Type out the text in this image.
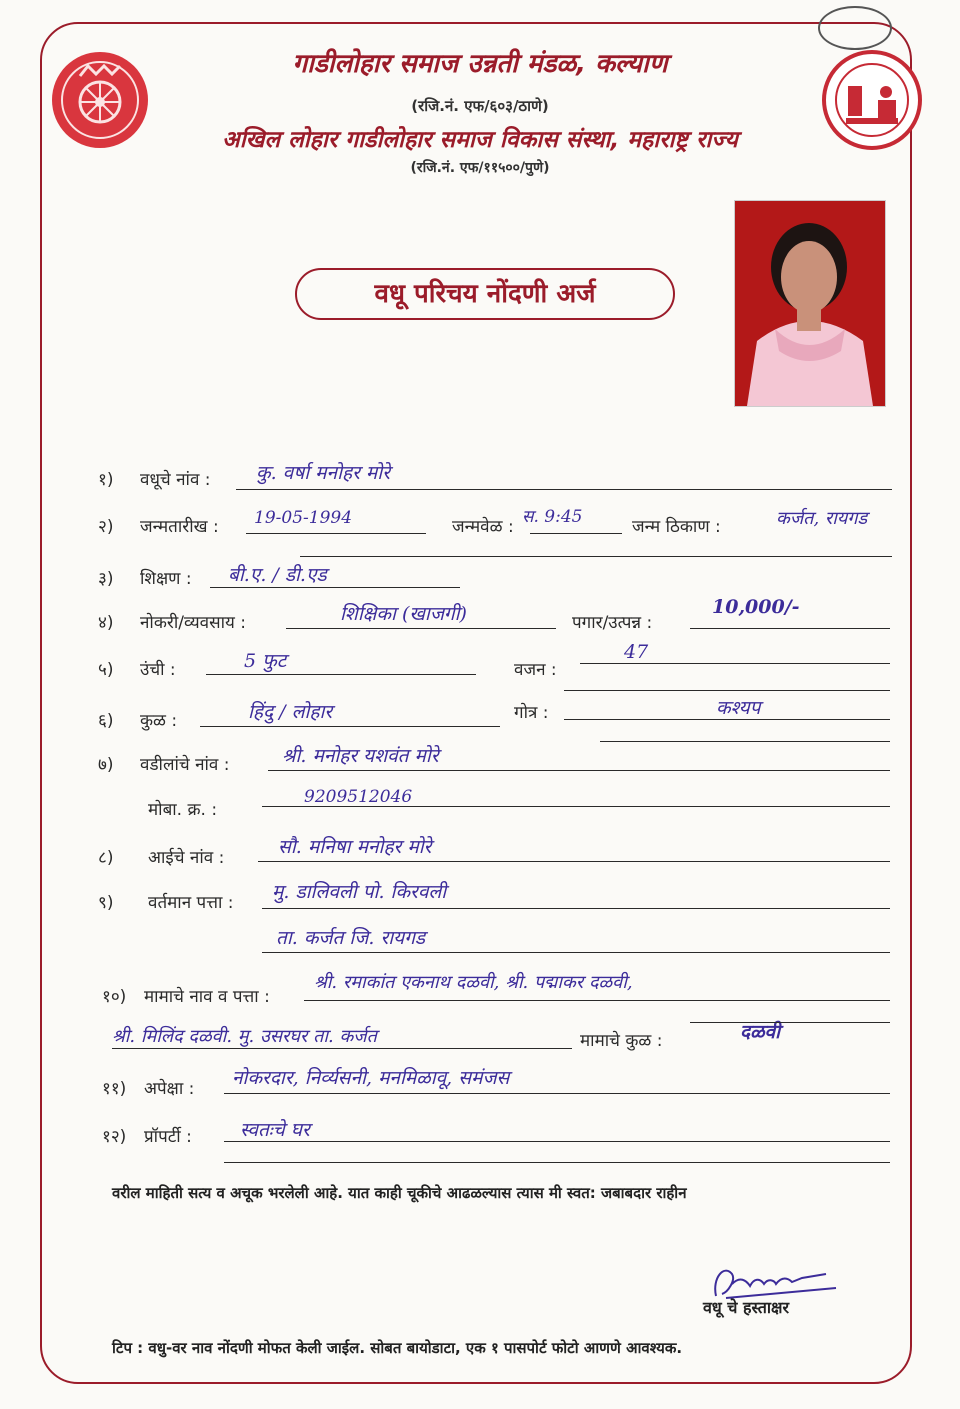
गाडीलोहार समाज उन्नती मंडळ, कल्याण
(रजि.नं. एफ/६०३/ठाणे)
अखिल लोहार गाडीलोहार समाज विकास संस्था, महाराष्ट्र राज्य
(रजि.नं. एफ/११५००/पुणे)
वधू परिचय नोंदणी अर्ज
१) वधूचे नांव : कु. वर्षा मनोहर मोरे
२) जन्मतारीख : 19-05-1994	जन्मवेळ : स. 9:45	जन्म ठिकाण :	कर्जत, रायगड
३) शिक्षण : बी.ए. / डी.एड
४) नोकरी/व्यवसाय :	शिक्षिका (खाजगी)	पगार/उत्पन्न :
10,000/-
५) उंची :	5 फुट	वजन :
47
६) कुळ :	हिंदु / लोहार	गोत्र :	कश्यप
७) वडीलांचे नांव :	श्री. मनोहर यशवंत मोरे
मोबा. क्र. :
9209512046
८) आईचे नांव :	सौ. मनिषा मनोहर मोरे
९) वर्तमान पत्ता : मु. डालिवली पो. किरवली
ता. कर्जत जि. रायगड
१०) मामाचे नाव व पत्ता :
श्री. रमाकांत एकनाथ दळवी, श्री. पद्माकर दळवी,
श्री. मिलिंद दळवी. मु. उसरघर ता. कर्जत	मामाचे कुळ :	दळवी
११) अपेक्षा : नोकरदार, निर्व्यसनी, मनमिळावू, समंजस
१२) प्रॉपर्टी :	स्वतःचे घर
वरील माहिती सत्य व अचूक भरलेली आहे. यात काही चूकीचे आढळल्यास त्यास मी स्वत: जबाबदार राहीन
वधू चे हस्ताक्षर
टिप : वधु-वर नाव नोंदणी मोफत केली जाईल. सोबत बायोडाटा, एक १ पासपोर्ट फोटो आणणे आवश्यक.
